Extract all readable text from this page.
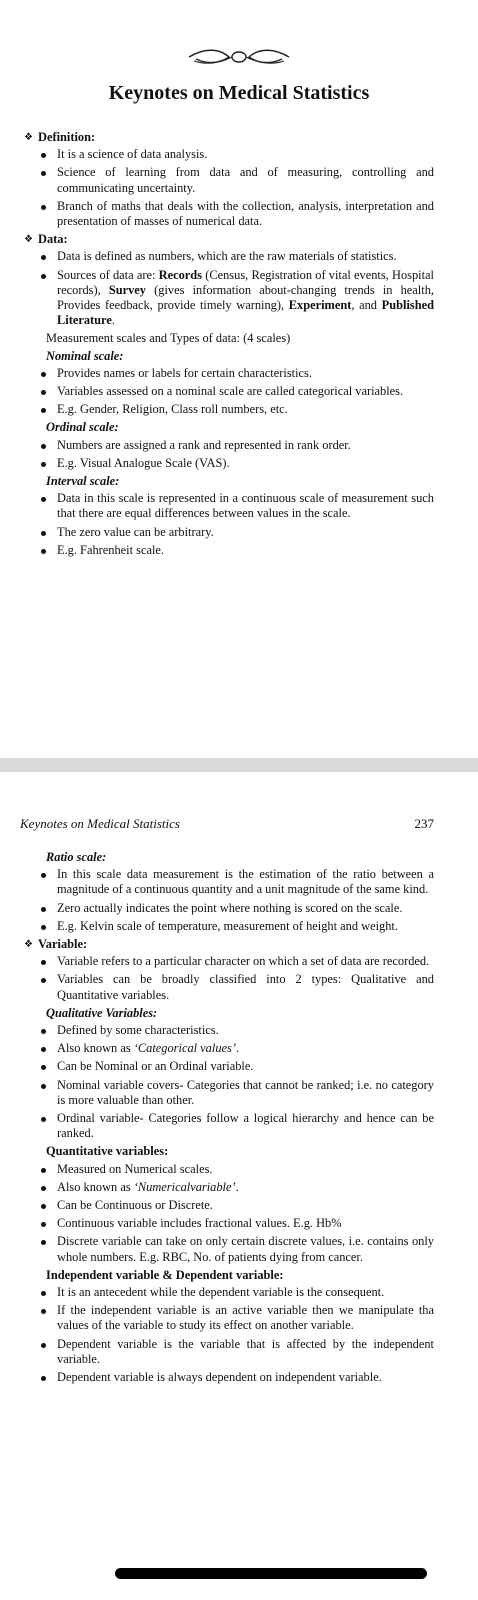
Keynotes on Medical Statistics
❖ Definition:
It is a science of data analysis.
Science of learning from data and of measuring, controlling and communicating uncertainty.
Branch of maths that deals with the collection, analysis, interpretation and presentation of masses of numerical data.
❖ Data:
Data is defined as numbers, which are the raw materials of statistics.
Sources of data are: Records (Census, Registration of vital events, Hospital records), Survey (gives information about-changing trends in health, Provides feedback, provide timely warning), Experiment, and Published Literature.
Measurement scales and Types of data: (4 scales)
Nominal scale:
Provides names or labels for certain characteristics.
Variables assessed on a nominal scale are called categorical variables.
E.g. Gender, Religion, Class roll numbers, etc.
Ordinal scale:
Numbers are assigned a rank and represented in rank order.
E.g. Visual Analogue Scale (VAS).
Interval scale:
Data in this scale is represented in a continuous scale of measurement such that there are equal differences between values in the scale.
The zero value can be arbitrary.
E.g. Fahrenheit scale.
Keynotes on Medical Statistics	237
Ratio scale:
In this scale data measurement is the estimation of the ratio between a magnitude of a continuous quantity and a unit magnitude of the same kind.
Zero actually indicates the point where nothing is scored on the scale.
E.g. Kelvin scale of temperature, measurement of height and weight.
❖ Variable:
Variable refers to a particular character on which a set of data are recorded.
Variables can be broadly classified into 2 types: Qualitative and Quantitative variables.
Qualitative Variables:
Defined by some characteristics.
Also known as ‘Categorical values’.
Can be Nominal or an Ordinal variable.
Nominal variable covers- Categories that cannot be ranked; i.e. no category is more valuable than other.
Ordinal variable- Categories follow a logical hierarchy and hence can be ranked.
Quantitative variables:
Measured on Numerical scales.
Also known as ‘Numericalvariable’.
Can be Continuous or Discrete.
Continuous variable includes fractional values. E.g. Hb%
Discrete variable can take on only certain discrete values, i.e. contains only whole numbers. E.g. RBC, No. of patients dying from cancer.
Independent variable & Dependent variable:
It is an antecedent while the dependent variable is the consequent.
If the independent variable is an active variable then we manipulate tha values of the variable to study its effect on another variable.
Dependent variable is the variable that is affected by the independent variable.
Dependent variable is always dependent on independent variable.
